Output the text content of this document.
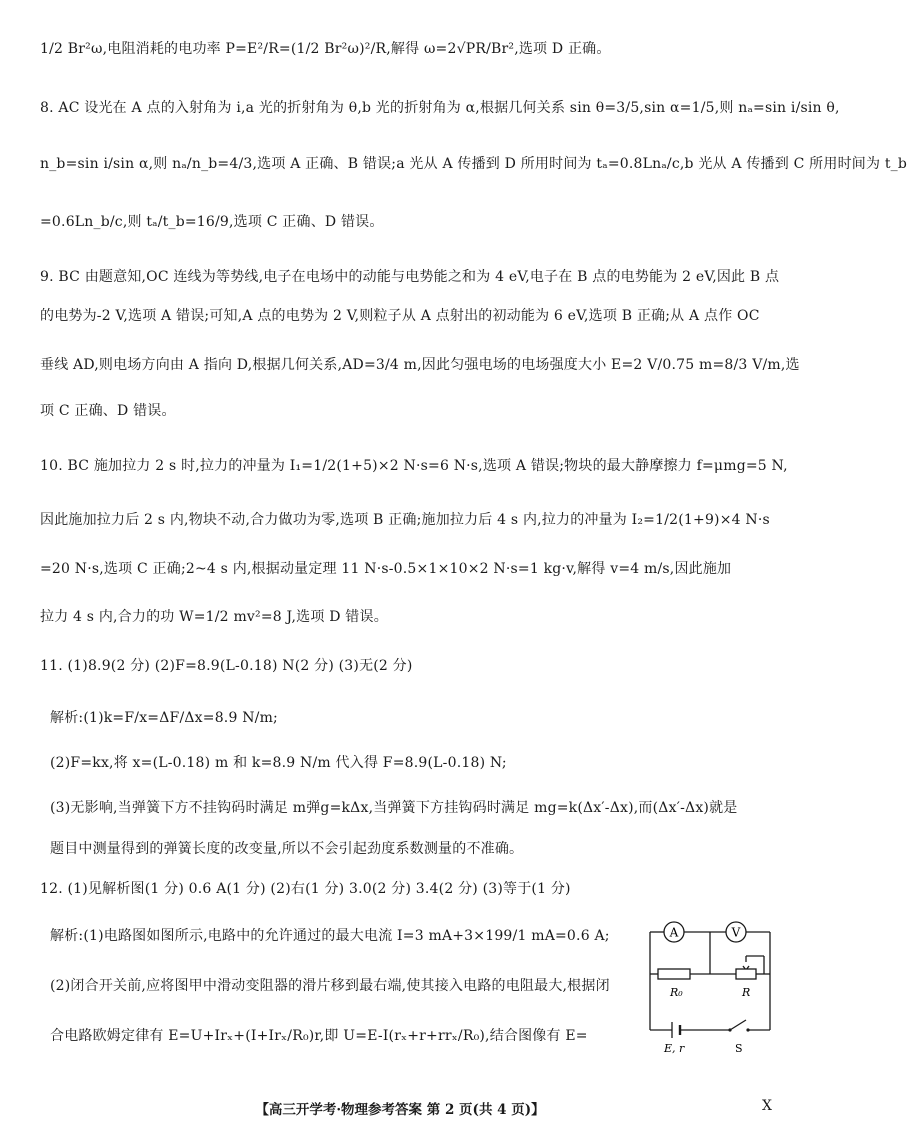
1/2 Br²ω,电阻消耗的电功率 P=E²/R=(1/2 Br²ω)²/R,解得 ω=2√PR/Br²,选项 D 正确。
8. AC 设光在 A 点的入射角为 i,a 光的折射角为 θ,b 光的折射角为 α,根据几何关系 sin θ=3/5,sin α=1/5,则 nₐ=sin i/sin θ,
n_b=sin i/sin α,则 nₐ/n_b=4/3,选项 A 正确、B 错误;a 光从 A 传播到 D 所用时间为 tₐ=0.8Lnₐ/c,b 光从 A 传播到 C 所用时间为 t_b
=0.6Ln_b/c,则 tₐ/t_b=16/9,选项 C 正确、D 错误。
9. BC 由题意知,OC 连线为等势线,电子在电场中的动能与电势能之和为 4 eV,电子在 B 点的电势能为 2 eV,因此 B 点
的电势为-2 V,选项 A 错误;可知,A 点的电势为 2 V,则粒子从 A 点射出的初动能为 6 eV,选项 B 正确;从 A 点作 OC
垂线 AD,则电场方向由 A 指向 D,根据几何关系,AD=3/4 m,因此匀强电场的电场强度大小 E=2 V/0.75 m=8/3 V/m,选
项 C 正确、D 错误。
10. BC 施加拉力 2 s 时,拉力的冲量为 I₁=1/2(1+5)×2 N·s=6 N·s,选项 A 错误;物块的最大静摩擦力 f=μmg=5 N,
因此施加拉力后 2 s 内,物块不动,合力做功为零,选项 B 正确;施加拉力后 4 s 内,拉力的冲量为 I₂=1/2(1+9)×4 N·s
=20 N·s,选项 C 正确;2~4 s 内,根据动量定理 11 N·s-0.5×1×10×2 N·s=1 kg·v,解得 v=4 m/s,因此施加
拉力 4 s 内,合力的功 W=1/2 mv²=8 J,选项 D 错误。
11. (1)8.9(2 分) (2)F=8.9(L-0.18) N(2 分) (3)无(2 分)
解析:(1)k=F/x=ΔF/Δx=8.9 N/m;
(2)F=kx,将 x=(L-0.18) m 和 k=8.9 N/m 代入得 F=8.9(L-0.18) N;
(3)无影响,当弹簧下方不挂钩码时满足 m弹g=kΔx,当弹簧下方挂钩码时满足 mg=k(Δx′-Δx),而(Δx′-Δx)就是
题目中测量得到的弹簧长度的改变量,所以不会引起劲度系数测量的不准确。
12. (1)见解析图(1 分) 0.6 A(1 分) (2)右(1 分) 3.0(2 分) 3.4(2 分) (3)等于(1 分)
解析:(1)电路图如图所示,电路中的允许通过的最大电流 I=3 mA+3×199/1 mA=0.6 A;
(2)闭合开关前,应将图甲中滑动变阻器的滑片移到最右端,使其接入电路的电阻最大,根据闭
合电路欧姆定律有 E=U+Irₓ+(I+Irₓ/R₀)r,即 U=E-I(rₓ+r+rrₓ/R₀),结合图像有 E=
A	V
R₀	R
E, r	S
【高三开学考·物理参考答案 第 2 页(共 4 页)】	X
